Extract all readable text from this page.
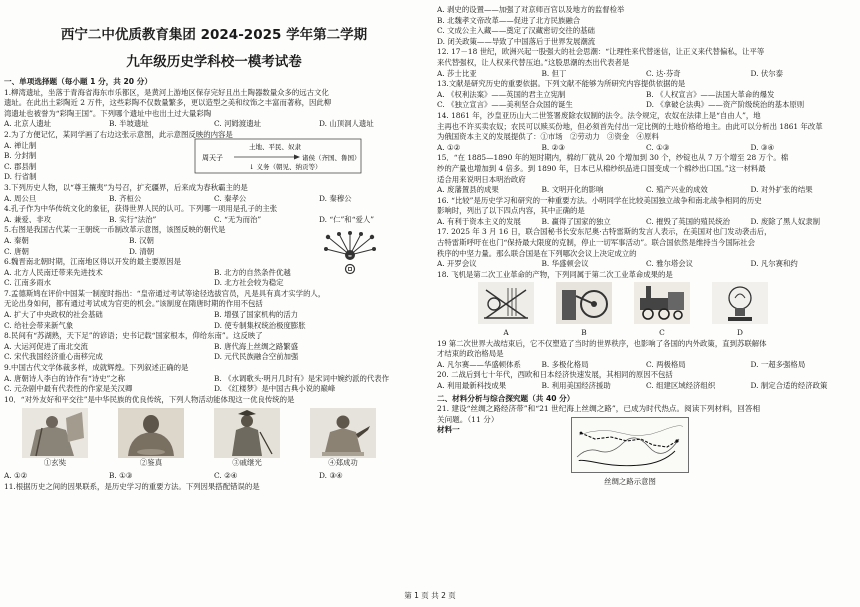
西宁二中优质教育集团 2024-2025 学年第二学期
九年级历史学科校一模考试卷
一、单项选择题（每小题 1 分，共 20 分）
1.柳湾遗址，坐落于青海省海东市乐都区，是黄河上游地区保存完好且出土陶器数量众多的远古文化
遗址。在此出土彩陶近 2 万件，这些彩陶不仅数量繁多，更以造型之美和纹饰之丰富而著称，因此柳
湾遗址也被誉为“彩陶王国”。下列哪个遗址中也出土过大量彩陶
A. 北京人遗址	B. 半坡遗址	C. 河姆渡遗址	D. 山顶洞人遗址
2.为了方便记忆，某同学画了右边这张示意图，此示意图反映的内容是
A. 禅让制
B. 分封制
C. 郡县制
D. 行省制
周天子
土地、平民、奴隶
诸侯（齐国、鲁国）
↓ 义务（朝见、纳贡等）
3.下列历史人物，以“尊王攘夷”为号召，扩充疆界，后来成为春秋霸主的是
A. 周公旦	B. 齐桓公	C. 秦孝公	D. 秦穆公
4.孔子作为中华传统文化的象征，获得世界人民的认可。下列哪一项用是孔子的主张
A. 兼爱、非攻	B. 实行“法治”	C. “无为而治”	D. “仁”和“爱人”
5.右图是我国古代某一王朝统一币制改革示意图，该图反映的朝代是
A. 秦朝	B. 汉朝
C. 唐朝	D. 清朝
6.魏晋南北朝时期，江南地区得以开发的最主要原因是
A. 北方人民南迁带来先进技术	B. 北方的自然条件优越
C. 江南多雨水	D. 北方社会较为稳定
7.孟德斯鸠在评价中国某一制度时指出：“皇帝通过考试等途径选拔官员，凡是具有真才实学的人，
无论出身如何，都有通过考试成为官吏的机会。”该制度在隋唐时期的作用不包括
A. 扩大了中央政权的社会基础	B. 增强了国家机构的活力
C. 给社会带来新气象	D. 使专制集权统治极度膨胀
8.民间有“苏湖熟，天下足”的谚语；史书记载“国家根本，仰给东南”。这反映了
A. 大运河促进了南北交流	B. 唐代海上丝绸之路繁盛
C. 宋代我国经济重心南移完成	D. 元代民族融合空前加强
9.中国古代文学体裁多样，成就辉煌。下列叙述正确的是
A. 唐朝诗人李白的诗作有“诗史”之称	B. 《水调歌头·明月几时有》是宋词中婉约派的代表作
C. 元杂剧中最有代表性的作家是关汉卿	D. 《红楼梦》是中国古典小说的巅峰
10．“对外友好和平交往”是中华民族的优良传统，下列人物活动能体现这一优良传统的是
①玄奘	②鉴真	③戚继光	④郑成功
A. ①②	B. ①③	C. ②④	D. ③④
11.根据历史之间的因果联系，是历史学习的重要方法。下列因果搭配错误的是
A. 剥史的设置——加强了对京师百官以及地方的监督检举
B. 北魏孝文帝改革——促进了北方民族融合
C. 文成公主入藏——奠定了汉藏密切交往的基础
D. 闭关政策——导致了中国落后于世界发展潮流
12. 17－18 世纪，欧洲兴起一股强大的社会思潮：“让理性来代替迷信，让正义来代替偏私，让平等
来代替强权，让人权来代替压迫。”这股思潮的杰出代表者是
A. 莎士比亚	B. 但丁	C. 达·芬奇	D. 伏尔泰
13.文献是研究历史的重要依据。下列文献不能够为所研究内容提供依据的是
A. 《权利法案》——英国的君主立宪制	B. 《人权宣言》——法国大革命的爆发
C. 《独立宣言》——美利坚合众国的诞生	D. 《拿破仑法典》——资产阶级统治的基本原则
14. 1861 年，沙皇亚历山大二世签署废除农奴制的法令。法令规定，农奴在法律上是“自由人”，地
主再也不许买卖农奴；农民可以赎买份地，但必须首先付出一定比例的土地价格给地主。由此可以分析出 1861 年改革
为俄国资本主义的发展提供了：①市场　②劳动力　③资金　④原料
A. ①②	B. ②③	C. ①③	D. ③④
15．“在 1885—1890 年的短时期内，棉纺厂就从 20 个增加到 30 个，纱锭也从 7 万个增至 28 万个。棉
纱的产量也增加到 4 倍多。到 1890 年，日本已从棉纱织品进口国变成一个棉纱出口国。”这一材料最
适合用来说明日本明治政府
A. 废藩置县的成果	B. 文明开化的影响	C. 殖产兴业的成效	D. 对外扩张的结果
16. “比较”是历史学习和研究的一种重要方法。小明同学在比较美国独立战争和南北战争相同的历史
影响时，列出了以下四点内容，其中正确的是
A. 有利于资本主义的发展	B. 赢得了国家的独立	C. 摧毁了英国的殖民统治	D. 废除了黑人奴隶制
17. 2025 年 3 月 16 日，联合国秘书长安东尼奥·古特雷斯的发言人表示，在美国对也门发动袭击后，
古特雷斯呼吁在也门“保持最大限度的克制，停止一切军事活动”。联合国依然是维持当今国际社会
秩序的中坚力量。那么联合国是在下列哪次会议上决定成立的
A. 开罗会议	B. 华盛顿会议	C. 雅尔塔会议	D. 凡尔赛和约
18. 飞机是第二次工业革命的产物，下列同属于第二次工业革命成果的是
A	B	C	D
19 第二次世界大战结束后，它不仅塑造了当时的世界秩序，也影响了各国的内外政策，直到苏联解体
才结束的政治格局是
A. 凡尔赛——华盛顿体系	B. 多极化格局	C. 两极格局	D. 一超多强格局
20. 二战后到七十年代，西欧和日本经济快速发展，其相同的原因不包括
A. 利用最新科技成果	B. 利用美国经济援助	C. 组建区域经济组织	D. 制定合适的经济政策
二、材料分析与综合探究题（共 40 分）
21. 建设“丝绸之路经济带”和“21 世纪海上丝绸之路”，已成为时代热点。阅读下列材料，回答相
关问题。（11 分）
材料一
丝绸之路示意图
第 1 页 共 2 页
